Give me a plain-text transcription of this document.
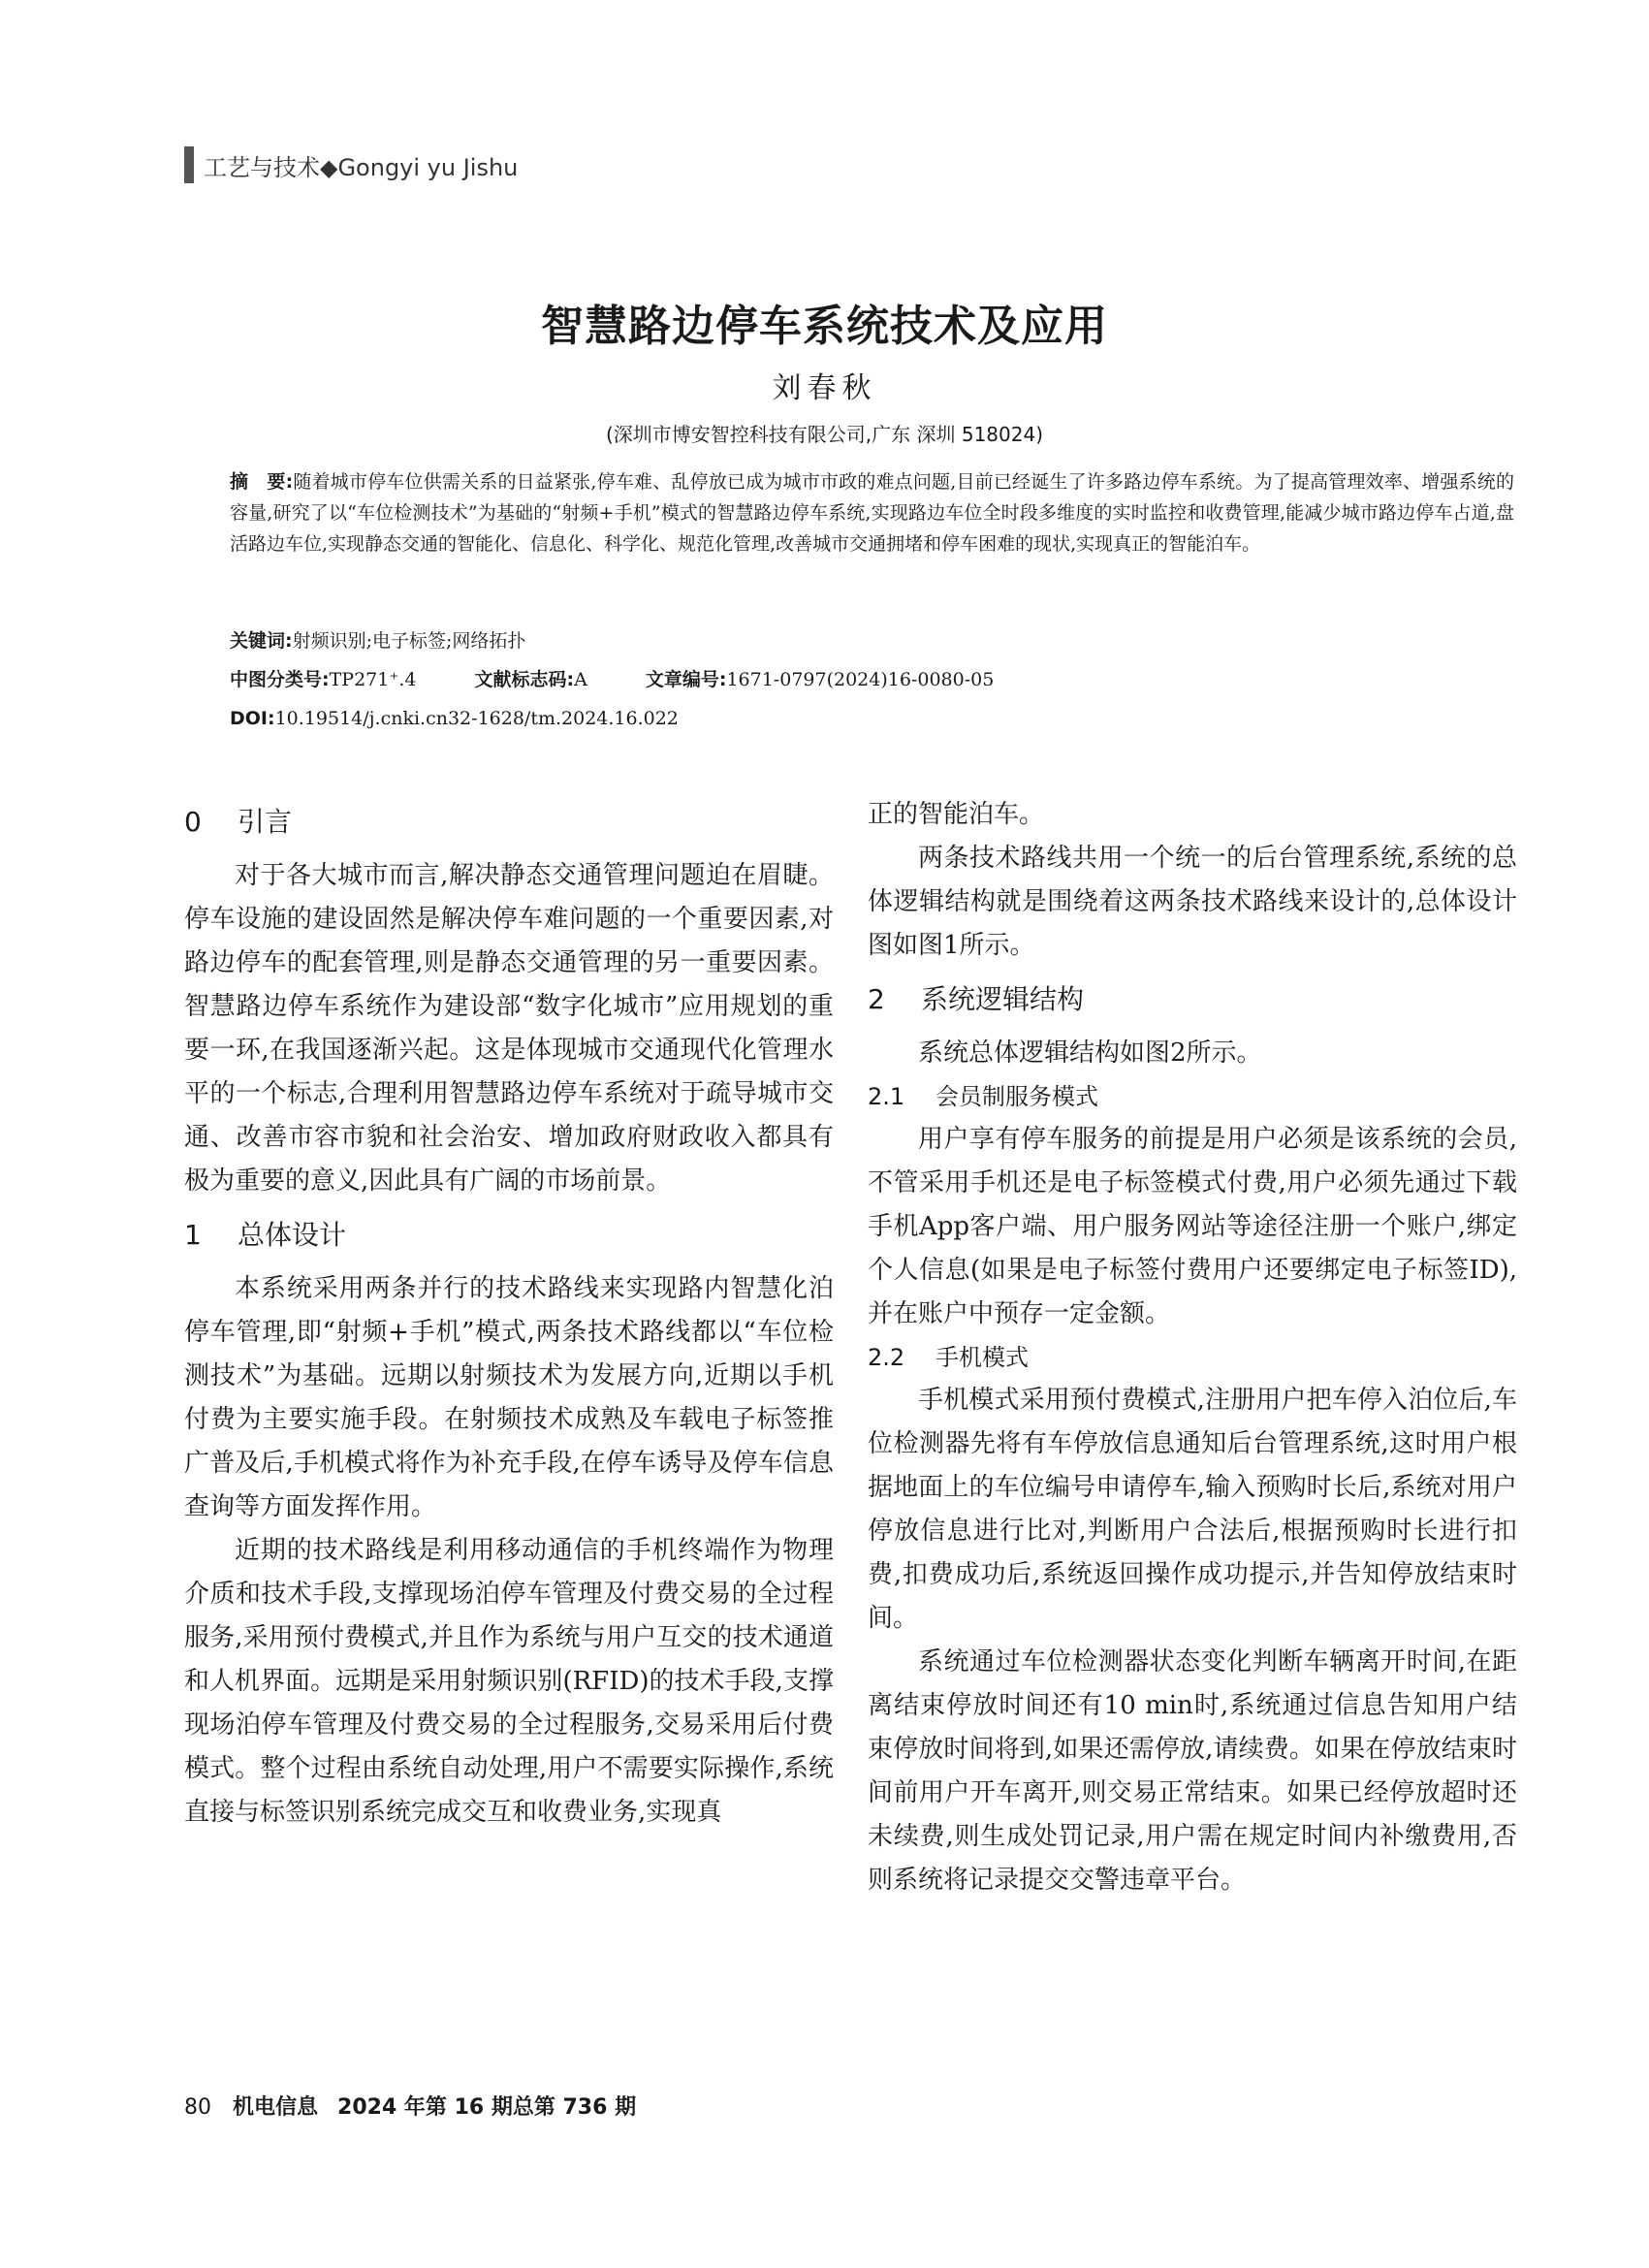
工艺与技术◆Gongyi yu Jishu
智慧路边停车系统技术及应用
刘春秋
(深圳市博安智控科技有限公司,广东 深圳 518024)
摘　要:随着城市停车位供需关系的日益紧张,停车难、乱停放已成为城市市政的难点问题,目前已经诞生了许多路边停车系统。为了提高管理效率、增强系统的容量,研究了以“车位检测技术”为基础的“射频+手机”模式的智慧路边停车系统,实现路边车位全时段多维度的实时监控和收费管理,能减少城市路边停车占道,盘活路边车位,实现静态交通的智能化、信息化、科学化、规范化管理,改善城市交通拥堵和停车困难的现状,实现真正的智能泊车。
关键词:射频识别;电子标签;网络拓扑
中图分类号:TP271⁺.4	文献标志码:A	文章编号:1671-0797(2024)16-0080-05
DOI:10.19514/j.cnki.cn32-1628/tm.2024.16.022
0 引言

对于各大城市而言,解决静态交通管理问题迫在眉睫。停车设施的建设固然是解决停车难问题的一个重要因素,对路边停车的配套管理,则是静态交通管理的另一重要因素。智慧路边停车系统作为建设部“数字化城市”应用规划的重要一环,在我国逐渐兴起。这是体现城市交通现代化管理水平的一个标志,合理利用智慧路边停车系统对于疏导城市交通、改善市容市貌和社会治安、增加政府财政收入都具有极为重要的意义,因此具有广阔的市场前景。

1 总体设计

本系统采用两条并行的技术路线来实现路内智慧化泊停车管理,即“射频+手机”模式,两条技术路线都以“车位检测技术”为基础。远期以射频技术为发展方向,近期以手机付费为主要实施手段。在射频技术成熟及车载电子标签推广普及后,手机模式将作为补充手段,在停车诱导及停车信息查询等方面发挥作用。

近期的技术路线是利用移动通信的手机终端作为物理介质和技术手段,支撑现场泊停车管理及付费交易的全过程服务,采用预付费模式,并且作为系统与用户互交的技术通道和人机界面。远期是采用射频识别(RFID)的技术手段,支撑现场泊停车管理及付费交易的全过程服务,交易采用后付费模式。整个过程由系统自动处理,用户不需要实际操作,系统直接与标签识别系统完成交互和收费业务,实现真

正的智能泊车。

两条技术路线共用一个统一的后台管理系统,系统的总体逻辑结构就是围绕着这两条技术路线来设计的,总体设计图如图1所示。

2 系统逻辑结构

系统总体逻辑结构如图2所示。

2.1 会员制服务模式

用户享有停车服务的前提是用户必须是该系统的会员,不管采用手机还是电子标签模式付费,用户必须先通过下载手机App客户端、用户服务网站等途径注册一个账户,绑定个人信息(如果是电子标签付费用户还要绑定电子标签ID),并在账户中预存一定金额。

2.2 手机模式

手机模式采用预付费模式,注册用户把车停入泊位后,车位检测器先将有车停放信息通知后台管理系统,这时用户根据地面上的车位编号申请停车,输入预购时长后,系统对用户停放信息进行比对,判断用户合法后,根据预购时长进行扣费,扣费成功后,系统返回操作成功提示,并告知停放结束时间。

系统通过车位检测器状态变化判断车辆离开时间,在距离结束停放时间还有10 min时,系统通过信息告知用户结束停放时间将到,如果还需停放,请续费。如果在停放结束时间前用户开车离开,则交易正常结束。如果已经停放超时还未续费,则生成处罚记录,用户需在规定时间内补缴费用,否则系统将记录提交交警违章平台。

80 机电信息 2024 年第 16 期总第 736 期
